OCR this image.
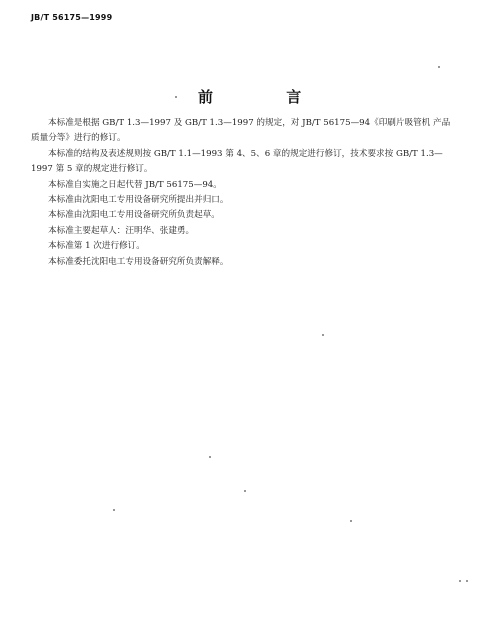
JB/T 56175—1999
前 言

本标准是根据 GB/T 1.3—1997 及 GB/T 1.3—1997 的规定，对 JB/T 56175—94《印刷片吸管机 产品质量分等》进行的修订。

本标准的结构及表述规则按 GB/T 1.1—1993 第 4、5、6 章的规定进行修订，技术要求按 GB/T 1.3—1997 第 5 章的规定进行修订。

本标准自实施之日起代替 JB/T 56175—94。

本标准由沈阳电工专用设备研究所提出并归口。

本标准由沈阳电工专用设备研究所负责起草。

本标准主要起草人：汪明华、张建勇。

本标准第 1 次进行修订。

本标准委托沈阳电工专用设备研究所负责解释。
